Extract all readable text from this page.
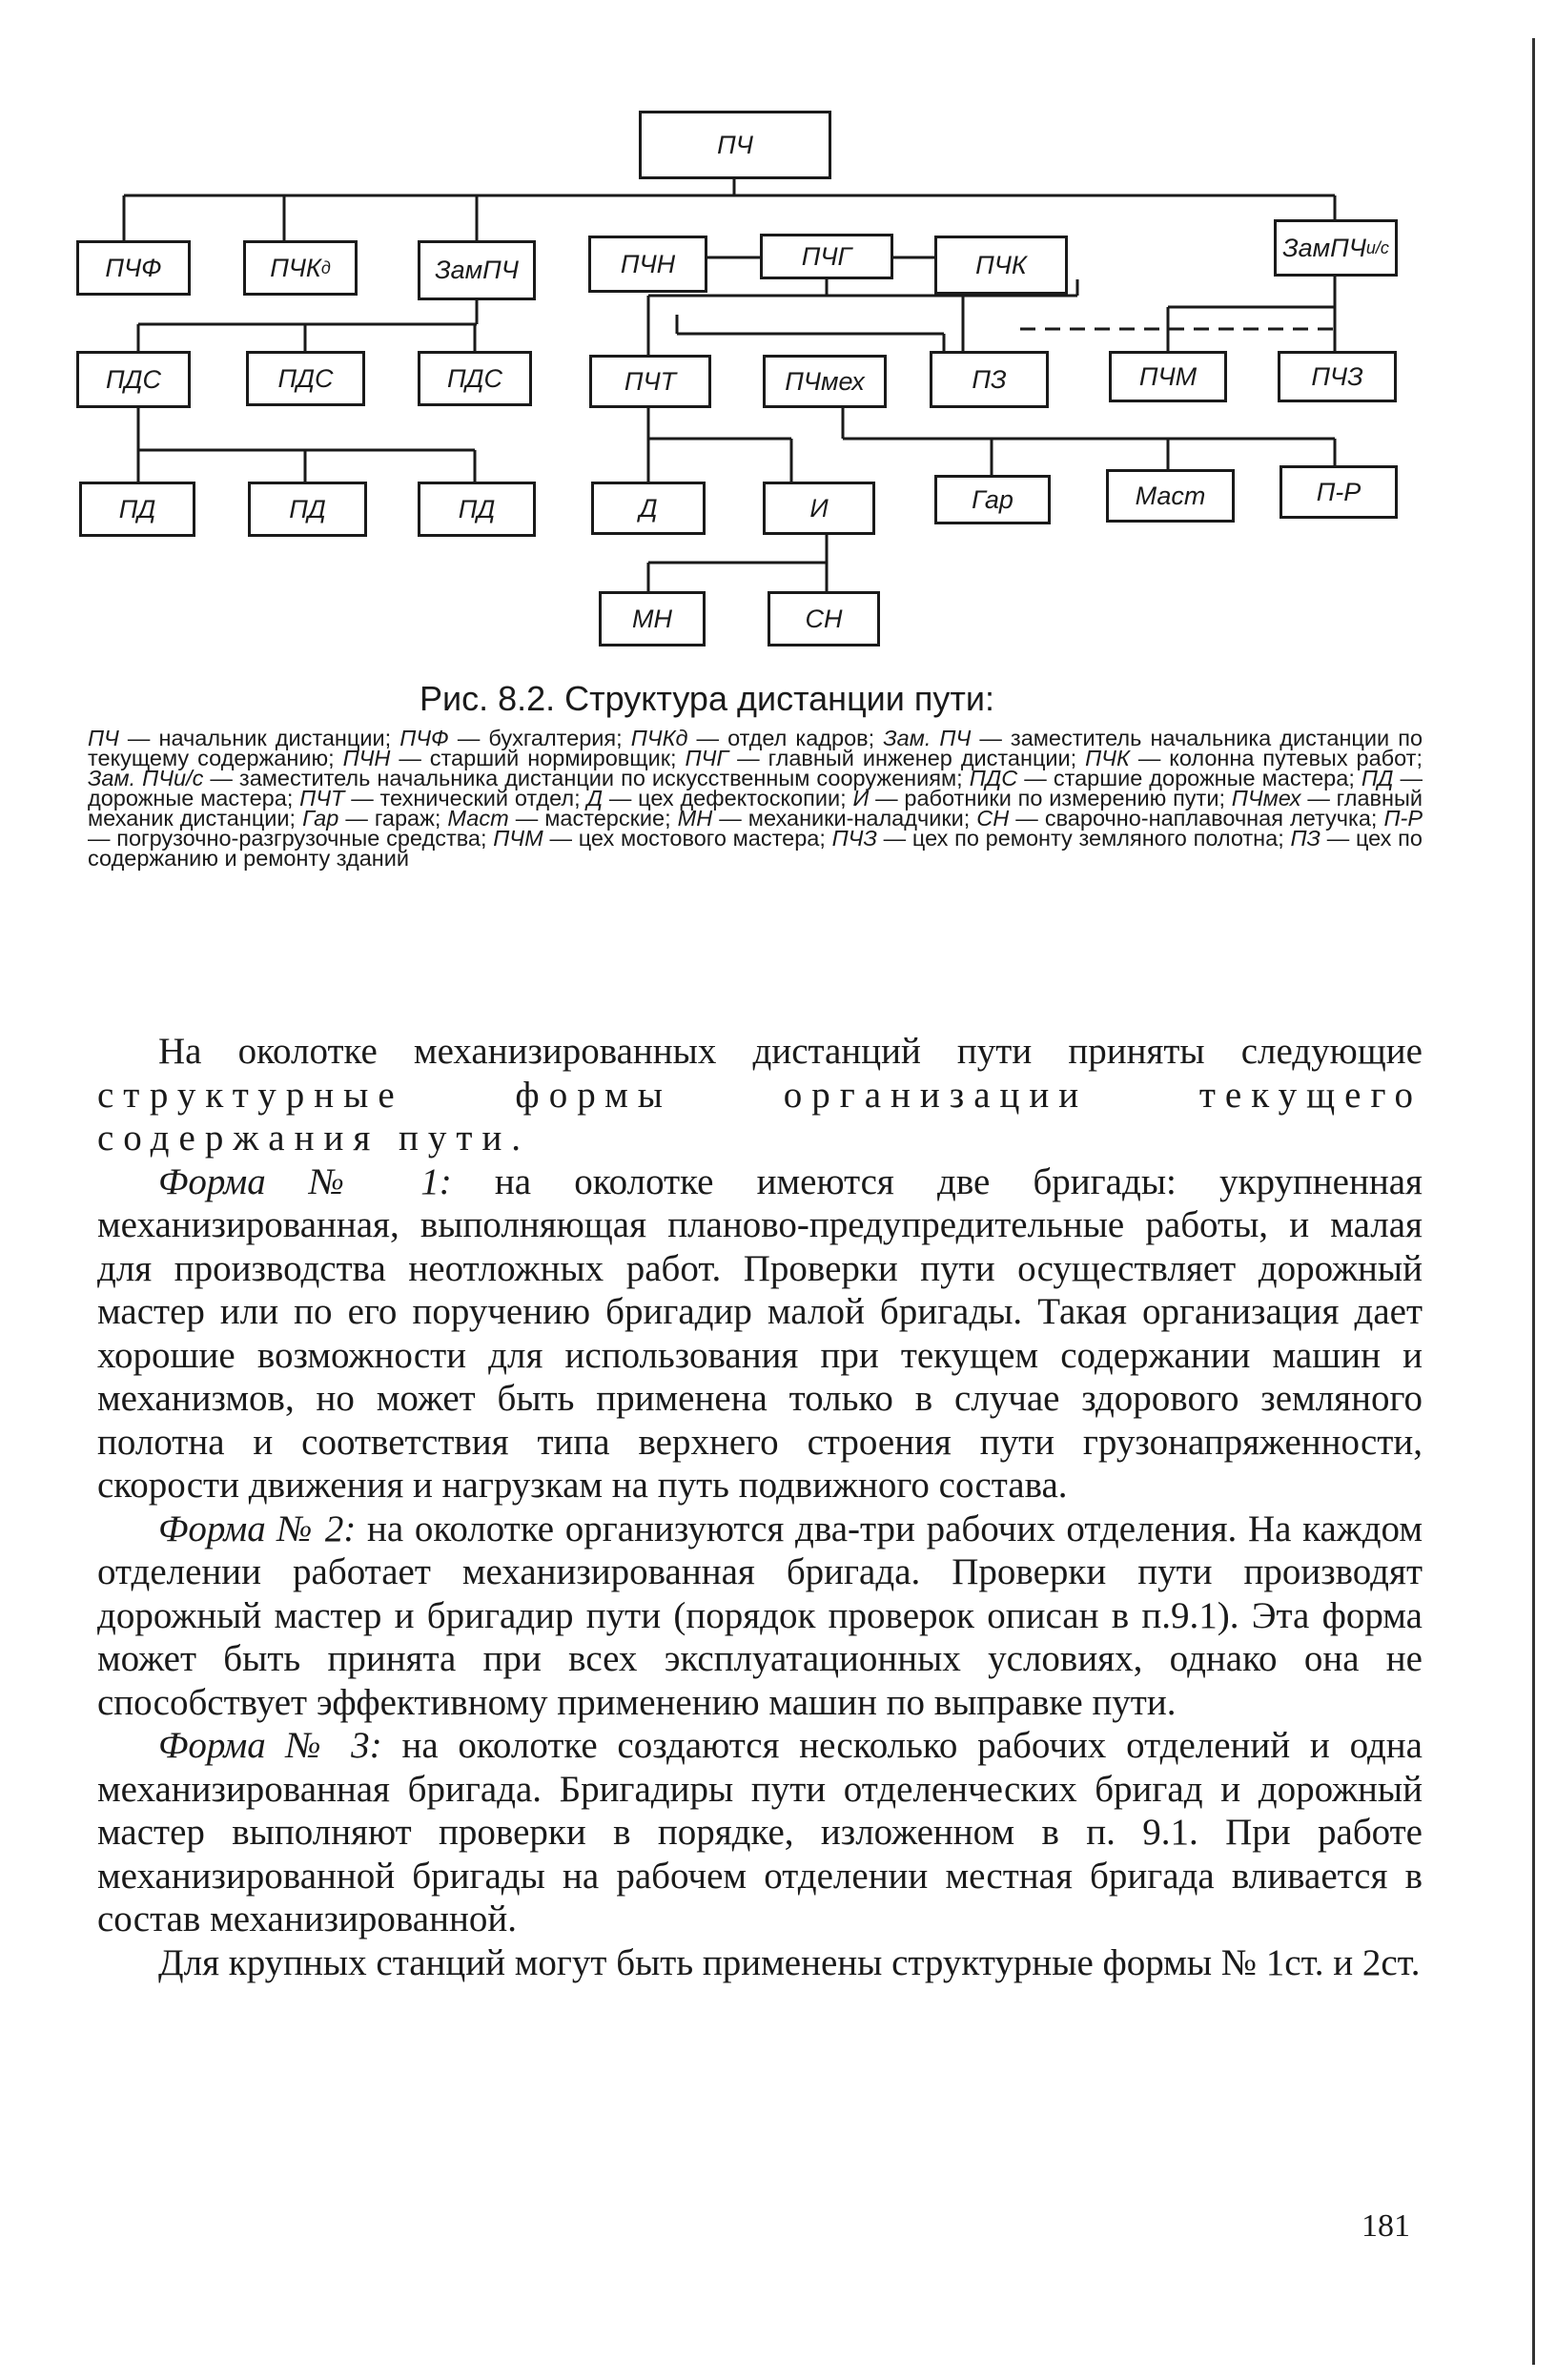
ПЧ
ПЧФ	ПЧК д	ЗамПЧ	ПЧН	ПЧГ	ПЧК
ЗамПЧ и/с
ПДС	ПДС	ПДС	ПЧТ	ПЧмех	ПЗ	ПЧМ	ПЧЗ
ПД	ПД	ПД	Д	И	Гар	Маст	П-Р
МН	СН
Рис. 8.2. Структура дистанции пути:
ПЧ — начальник дистанции; ПЧФ — бухгалтерия; ПЧКд — отдел кадров; Зам. ПЧ — заместитель начальника дистанции по текущему содержанию; ПЧН — старший нормировщик; ПЧГ — главный инженер дистанции; ПЧК — колонна путевых работ; Зам. ПЧи/с — заместитель начальника дистанции по искусственным сооружениям; ПДС — старшие дорожные мастера; ПД — дорожные мастера; ПЧТ — технический отдел; Д — цех дефектоскопии; И — работники по измерению пути; ПЧмех — главный механик дистанции; Гар — гараж; Маст — мастерские; МН — механики-наладчики; СН — сварочно-наплавочная летучка; П-Р — погрузочно-разгрузочные средства; ПЧМ — цех мостового мастера; ПЧЗ — цех по ремонту земляного полотна; ПЗ — цех по содержанию и ремонту зданий

На околотке механизированных дистанций пути приняты следующие структурные формы организации текущего содержания пути.

Форма № 1: на околотке имеются две бригады: укрупненная механизированная, выполняющая планово-предупредительные работы, и малая для производства неотложных работ. Проверки пути осуществляет дорожный мастер или по его поручению бригадир малой бригады. Такая организация дает хорошие возможности для использования при текущем содержании машин и механизмов, но может быть применена только в случае здорового земляного полотна и соответствия типа верхнего строения пути грузонапряженности, скорости движения и нагрузкам на путь подвижного состава.

Форма № 2: на околотке организуются два-три рабочих отделения. На каждом отделении работает механизированная бригада. Проверки пути производят дорожный мастер и бригадир пути (порядок проверок описан в п.9.1). Эта форма может быть принята при всех эксплуатационных условиях, однако она не способствует эффективному применению машин по выправке пути.

Форма № 3: на околотке создаются несколько рабочих отделений и одна механизированная бригада. Бригадиры пути отделенческих бригад и дорожный мастер выполняют проверки в порядке, изложенном в п. 9.1. При работе механизированной бригады на рабочем отделении местная бригада вливается в состав механизированной.

Для крупных станций могут быть применены структурные формы № 1ст. и 2ст.

181
